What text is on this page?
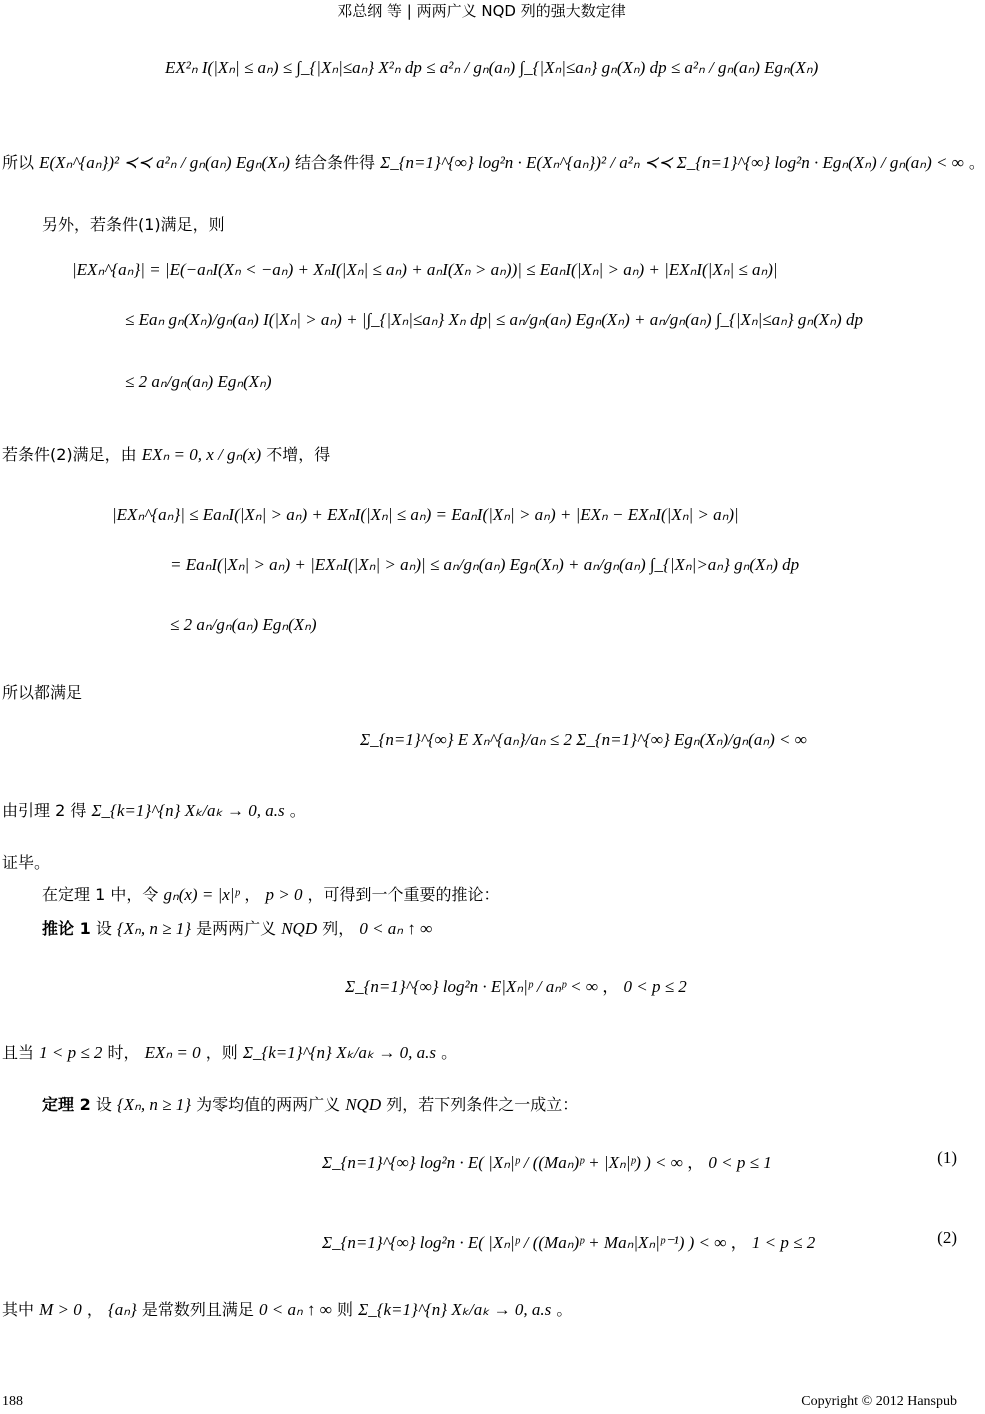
邓总纲 等 | 两两广义 NQD 列的强大数定律
EX²ₙ I(|Xₙ| ≤ aₙ) ≤ ∫_{|Xₙ|≤aₙ} X²ₙ dp ≤ a²ₙ / gₙ(aₙ) ∫_{|Xₙ|≤aₙ} gₙ(Xₙ) dp ≤ a²ₙ / gₙ(aₙ) Egₙ(Xₙ)
所以 E(Xₙ^{aₙ})² ≺≺ a²ₙ / gₙ(aₙ) Egₙ(Xₙ) 结合条件得 Σ_{n=1}^{∞} log²n · E(Xₙ^{aₙ})² / a²ₙ ≺≺ Σ_{n=1}^{∞} log²n · Egₙ(Xₙ) / gₙ(aₙ) < ∞ 。
另外，若条件(1)满足，则
|EXₙ^{aₙ}| = |E(−aₙI(Xₙ < −aₙ) + XₙI(|Xₙ| ≤ aₙ) + aₙI(Xₙ > aₙ))| ≤ EaₙI(|Xₙ| > aₙ) + |EXₙI(|Xₙ| ≤ aₙ)|
≤ Eaₙ gₙ(Xₙ)/gₙ(aₙ) I(|Xₙ| > aₙ) + |∫_{|Xₙ|≤aₙ} Xₙ dp| ≤ aₙ/gₙ(aₙ) Egₙ(Xₙ) + aₙ/gₙ(aₙ) ∫_{|Xₙ|≤aₙ} gₙ(Xₙ) dp
≤ 2 aₙ/gₙ(aₙ) Egₙ(Xₙ)
若条件(2)满足，由 EXₙ = 0, x / gₙ(x) 不增，得
|EXₙ^{aₙ}| ≤ EaₙI(|Xₙ| > aₙ) + EXₙI(|Xₙ| ≤ aₙ) = EaₙI(|Xₙ| > aₙ) + |EXₙ − EXₙI(|Xₙ| > aₙ)|
= EaₙI(|Xₙ| > aₙ) + |EXₙI(|Xₙ| > aₙ)| ≤ aₙ/gₙ(aₙ) Egₙ(Xₙ) + aₙ/gₙ(aₙ) ∫_{|Xₙ|>aₙ} gₙ(Xₙ) dp
≤ 2 aₙ/gₙ(aₙ) Egₙ(Xₙ)
所以都满足
Σ_{n=1}^{∞} E Xₙ^{aₙ}/aₙ ≤ 2 Σ_{n=1}^{∞} Egₙ(Xₙ)/gₙ(aₙ) < ∞
由引理 2 得 Σ_{k=1}^{n} Xₖ/aₖ → 0, a.s 。
证毕。
在定理 1 中，令 gₙ(x) = |x|ᵖ ， p > 0 ，可得到一个重要的推论：
推论 1 设 {Xₙ, n ≥ 1} 是两两广义 NQD 列， 0 < aₙ ↑ ∞
Σ_{n=1}^{∞} log²n · E|Xₙ|ᵖ / aₙᵖ < ∞ ， 0 < p ≤ 2
且当 1 < p ≤ 2 时， EXₙ = 0 ，则 Σ_{k=1}^{n} Xₖ/aₖ → 0, a.s 。
定理 2 设 {Xₙ, n ≥ 1} 为零均值的两两广义 NQD 列，若下列条件之一成立：
Σ_{n=1}^{∞} log²n · E( |Xₙ|ᵖ / ((Maₙ)ᵖ + |Xₙ|ᵖ) ) < ∞ ， 0 < p ≤ 1	(1)
Σ_{n=1}^{∞} log²n · E( |Xₙ|ᵖ / ((Maₙ)ᵖ + Maₙ|Xₙ|ᵖ⁻¹) ) < ∞ ， 1 < p ≤ 2	(2)
其中 M > 0 ， {aₙ} 是常数列且满足 0 < aₙ ↑ ∞ 则 Σ_{k=1}^{n} Xₖ/aₖ → 0, a.s 。
188	Copyright © 2012 Hanspub
